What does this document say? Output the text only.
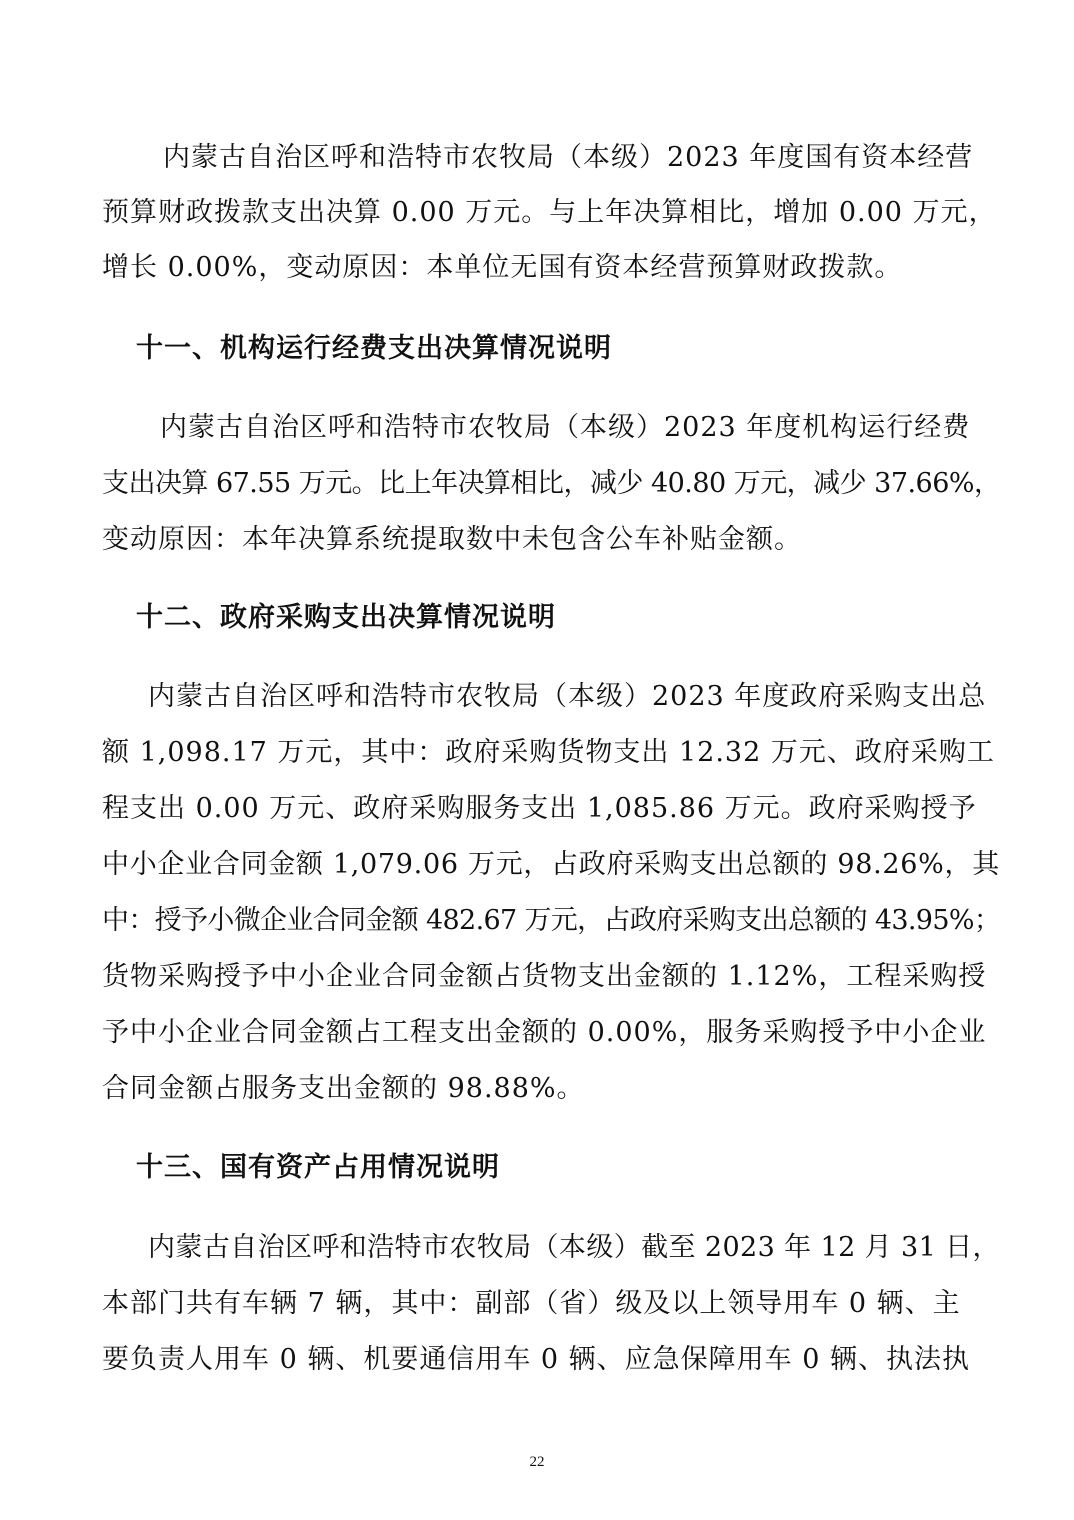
内蒙古自治区呼和浩特市农牧局（本级）2023 年度国有资本经营
预算财政拨款支出决算 0.00 万元。与上年决算相比，增加 0.00 万元，
增长 0.00%，变动原因：本单位无国有资本经营预算财政拨款。
十一、机构运行经费支出决算情况说明
内蒙古自治区呼和浩特市农牧局（本级）2023 年度机构运行经费
支出决算 67.55 万元。比上年决算相比，减少 40.80 万元，减少 37.66%，
变动原因：本年决算系统提取数中未包含公车补贴金额。
十二、政府采购支出决算情况说明
内蒙古自治区呼和浩特市农牧局（本级）2023 年度政府采购支出总
额 1,098.17 万元，其中：政府采购货物支出 12.32 万元、政府采购工
程支出 0.00 万元、政府采购服务支出 1,085.86 万元。政府采购授予
中小企业合同金额 1,079.06 万元，占政府采购支出总额的 98.26%，其
中：授予小微企业合同金额 482.67 万元，占政府采购支出总额的 43.95%；
货物采购授予中小企业合同金额占货物支出金额的 1.12%，工程采购授
予中小企业合同金额占工程支出金额的 0.00%，服务采购授予中小企业
合同金额占服务支出金额的 98.88%。
十三、国有资产占用情况说明
内蒙古自治区呼和浩特市农牧局（本级）截至 2023 年 12 月 31 日，
本部门共有车辆 7 辆，其中：副部（省）级及以上领导用车 0 辆、主
要负责人用车 0 辆、机要通信用车 0 辆、应急保障用车 0 辆、执法执
22
